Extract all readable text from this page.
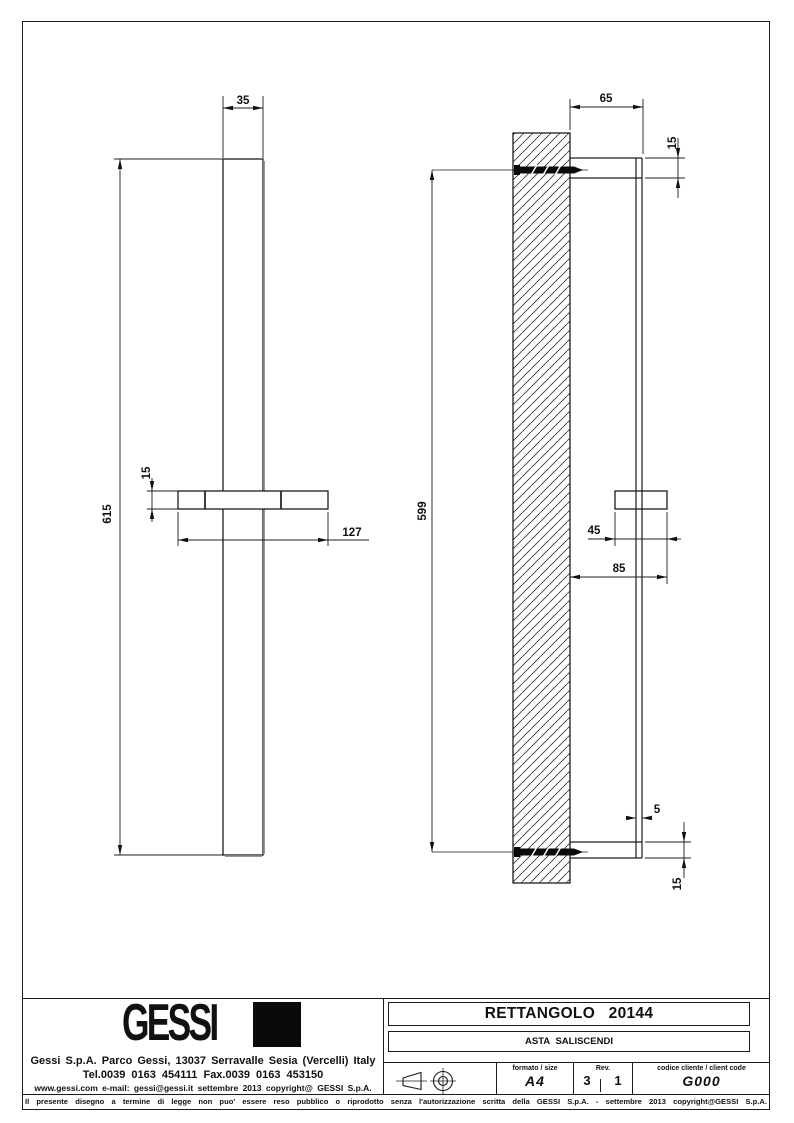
35
615
15
127
65
15
599
45
85
5
15
GESSI
Gessi S.p.A. Parco Gessi, 13037 Serravalle Sesia (Vercelli) Italy
Tel.0039 0163 454111 Fax.0039 0163 453150
www.gessi.com e-mail: gessi@gessi.it settembre 2013 copyright@ GESSI S.p.A.
RETTANGOLO 20144
ASTA SALISCENDI
formato / size
A4
Rev.
3	1
codice cliente / client code
G000
Il presente disegno a termine di legge non puo' essere reso pubblico o riprodotto senza l'autorizzazione scritta della GESSI S.p.A. - settembre 2013 copyright@GESSI S.p.A.
